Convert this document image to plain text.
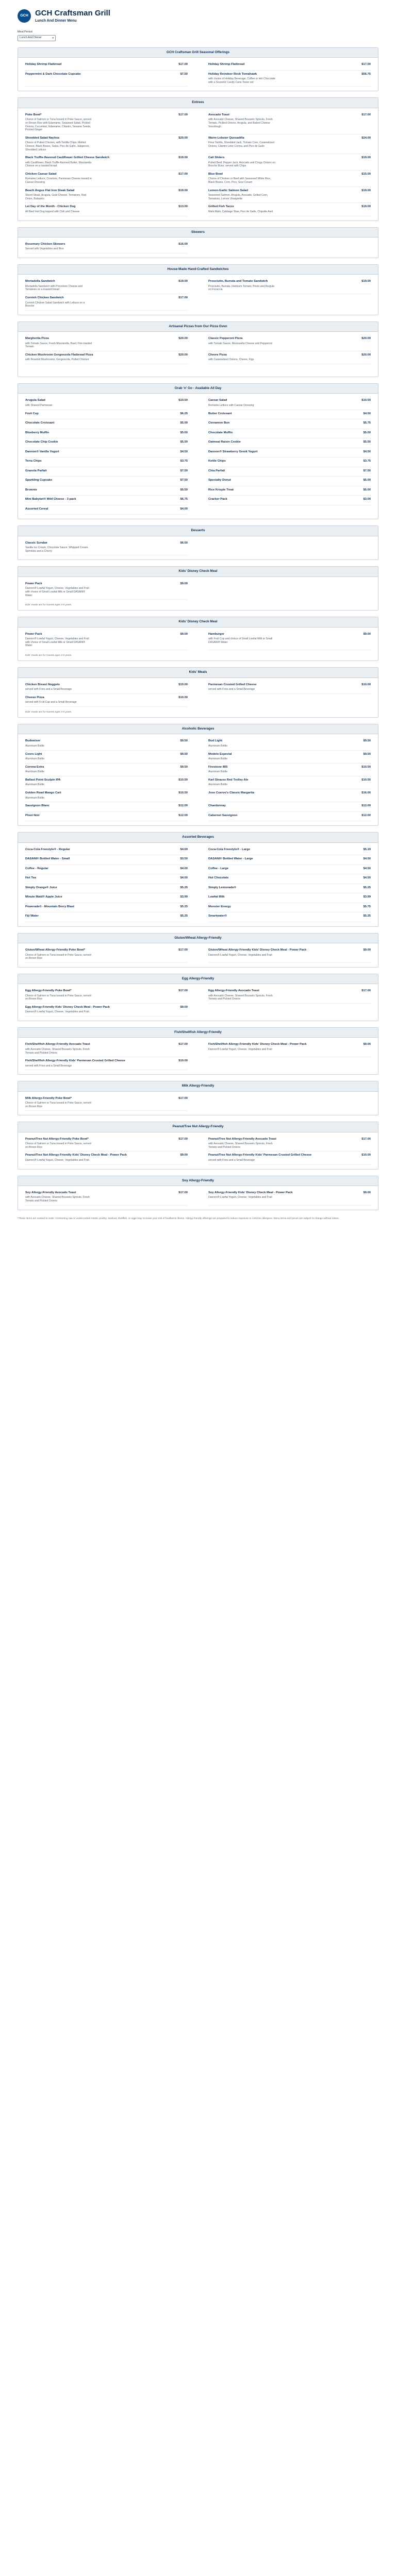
GCH GCH Craftsman Grill
Lunch And Dinner Menu
Meal Period
Lunch And Dinner	▾
GCH Craftsman Grill Seasonal Offerings
Holiday Shrimp Flatbread	$17.00	Holiday Shrimp Flatbread	$17.00
Peppermint & Dark Chocolate Cupcake	$7.50	Holiday Reindeer Rock Tomahawk	$56.75
with choice of Holiday Beverage, Coffee or Hot Chocolate with a Souvenir Candy Cane Tower set
Entrees
Poke Bowl*	$17.00
Choice of Salmon or Tuna tossed in Poke Sauce, served on Brown Rice with Edamame, Seaweed Salad, Pickled Onions, Cucumber, Edamame, Cilantro, Sesame Seeds, Pickled Ginger
Avocado Toast	$17.00
with Avocado Cheese, Shaved Brussels Sprouts, Fresh Tomato, Pickled Onions, Arugula, and Baked Cheese Sourdough
Shredded Salad Nachos	$20.00
Choice of Pulled Chicken, with Tortilla Chips, Melted Cheese, Black Beans, Salsa, Pico de Gallo, Jalapenos, Shredded Lettuce
Warm Lobster Quesadilla	$24.00
Flour Tortilla, Shredded Jack, Tomato Corn, Caramelized Onions, Cilantro Lime Crema, and Pico de Gallo
Black Truffle-flavored Cauliflower Grilled Cheese Sandwich	$19.00
with Cauliflower, Black Truffle-flavored Butter, Mozzarella Cheese on a toasted bread
Cali Sliders	$19.00
Pulled Beef, Pepper Jack, Avocado and Crispy Onions on Brioche Buns, served with Chips
Chicken Caesar Salad	$17.00
Romaine Lettuce, Croutons, Parmesan Cheese tossed in Caesar Dressing
Blue Bowl	$15.00
Choice of Chicken or Beef with Seasoned White Rice, Black Beans, Corn, Pico, Sour Cream
Beach Angus Flat Iron Steak Salad	$19.00
Sliced Steak, Arugula, Goat Cheese, Tomatoes, Red Onion, Balsamic
Lemon-Garlic Salmon Salad	$19.00
Seasoned Salmon, Arugula, Avocado, Grilled Corn, Tomatoes, Lemon Vinaigrette
Lei Day of the Month - Chicken Dog	$13.00
All Beef Hot Dog topped with Chili and Cheese
Grilled Fish Tacos	$19.00
Mahi-Mahi, Cabbage Slaw, Pico de Gallo, Chipotle Aioli
Skewers
Rosemary Chicken Skewers	$16.00
Served with Vegetables and Rice
House-Made Hand-Crafted Sandwiches
Mortadella Sandwich	$19.00
Mortadella Sandwich with Provolone Cheese and Tomatoes on a toasted bread
Prosciutto, Burrata and Tomato Sandwich	$19.00
Prosciutto, Burrata, Heirloom Tomato, Pesto and Arugula on Focaccia
Cornish Chicken Sandwich	$17.00
Cornish Chicken Salad Sandwich with Lettuce on a Brioche
Artisanal Pizzas from Our Pizza Oven
Margherita Pizza	$20.00
with Tomato Sauce, Fresh Mozzarella, Basil, Fire-roasted Tomato
Classic Pepperoni Pizza	$20.00
with Tomato Sauce, Mozzarella Cheese and Pepperoni
Chicken Mushroom Gorgonzola Flatbread Pizza	$20.00
with Roasted Mushrooms, Gorgonzola, Pulled Chicken
Chevre Pizza	$20.00
with Caramelized Onions, Chevre, Figs
Grab 'n' Go - Available All Day
Arugula Salad	$10.50
with Shaved Parmesan
Caesar Salad	$10.50
Romaine Lettuce with Caesar Dressing
Fruit Cup	$6.25	Butter Croissant	$4.50
Chocolate Croissant	$5.00	Cinnamon Bun	$5.75
Blueberry Muffin	$5.00	Chocolate Muffin	$5.00
Chocolate Chip Cookie	$5.50	Oatmeal Raisin Cookie	$5.50
Dannon® Vanilla Yogurt	$4.50	Dannon® Strawberry Greek Yogurt	$4.50
Terra Chips	$3.75	Kettle Chips	$3.75
Granola Parfait	$7.50	Chia Parfait	$7.50
Sparkling Cupcake	$7.50	Specialty Donut	$5.00
Brownie	$5.50	Rice Krispie Treat	$5.00
Mini Babybel® Mild Cheese - 3 pack	$6.75	Cracker Pack	$3.00
Assorted Cereal	$4.00
Desserts
Classic Sundae	$6.00
Vanilla Ice Cream, Chocolate Sauce, Whipped Cream, Sprinkles and a Cherry
Kids' Disney Check Meal
Power Pack	$9.00
Dannon® Lowfat Yogurt, Cheese, Vegetables and Fruit with choice of Small Lowfat Milk or Small DASANI® Water
Kids' meals are for Guests ages 3-9 years.
Kids' Disney Check Meal
Power Pack	$9.00
Dannon® Lowfat Yogurt, Cheese, Vegetables and Fruit with choice of Small Lowfat Milk or Small DASANI® Water
Hamburger	$9.00
with Fruit Cup and choice of Small Lowfat Milk or Small DASANI® Water
Kids' meals are for Guests ages 3-9 years.
Kids' Meals
Chicken Breast Nuggets	$10.00
served with Fries and a Small Beverage
Parmesan Crusted Grilled Cheese	$10.00
served with Fries and a Small Beverage
Cheese Pizza	$10.00
served with Fruit Cup and a Small Beverage
Kids' meals are for Guests ages 3-9 years.
Alcoholic Beverages
Budweiser	$9.50
Aluminum Bottle
Bud Light	$9.50
Aluminum Bottle
Coors Light	$9.50
Aluminum Bottle
Modelo Especial	$9.50
Aluminum Bottle
Corona Extra	$9.50
Aluminum Bottle
Firestone 805	$10.50
Aluminum Bottle
Ballast Point Sculpin IPA	$10.50
Aluminum Bottle
Karl Strauss Red Trolley Ale	$10.50
Aluminum Bottle
Golden Road Mango Cart	$10.50
Aluminum Bottle
Jose Cuervo's Classic Margarita	$16.00
Sauvignon Blanc	$12.00	Chardonnay	$12.00
Pinot Noir	$12.00	Cabernet Sauvignon	$12.00
Assorted Beverages
Coca-Cola Freestyle® - Regular	$4.69	Coca-Cola Freestyle® - Large	$5.19
DASANI® Bottled Water - Small	$3.50	DASANI® Bottled Water - Large	$4.50
Coffee - Regular	$4.00	Coffee - Large	$4.50
Hot Tea	$4.00	Hot Chocolate	$4.50
Simply Orange® Juice	$5.25	Simply Lemonade®	$5.25
Minute Maid® Apple Juice	$3.99	Lowfat Milk	$3.99
Powerade® - Mountain Berry Blast	$5.25	Monster Energy	$5.75
Fiji Water	$5.25	Smartwater®	$5.25
Gluten/Wheat Allergy-Friendly
Gluten/Wheat Allergy-Friendly Poke Bowl*	$17.00
Choice of Salmon or Tuna tossed in Poke Sauce, served on Brown Rice
Gluten/Wheat Allergy-Friendly Kids' Disney Check Meal - Power Pack	$9.00
Dannon® Lowfat Yogurt, Cheese, Vegetables and Fruit
Egg Allergy-Friendly
Egg Allergy-Friendly Poke Bowl*	$17.00
Choice of Salmon or Tuna tossed in Poke Sauce, served on Brown Rice
Egg Allergy-Friendly Avocado Toast	$17.00
with Avocado Cheese, Shaved Brussels Sprouts, Fresh Tomato and Pickled Onions
Egg Allergy-Friendly Kids' Disney Check Meal - Power Pack	$9.00
Dannon® Lowfat Yogurt, Cheese, Vegetables and Fruit
Fish/Shellfish Allergy-Friendly
Fish/Shellfish Allergy-Friendly Avocado Toast	$17.00
with Avocado Cheese, Shaved Brussels Sprouts, Fresh Tomato and Pickled Onions
Fish/Shellfish Allergy-Friendly Kids' Disney Check Meal - Power Pack	$9.00
Dannon® Lowfat Yogurt, Cheese, Vegetables and Fruit
Fish/Shellfish Allergy-Friendly Kids' Parmesan Crusted Grilled Cheese	$10.00
served with Fries and a Small Beverage
Milk Allergy-Friendly
Milk Allergy-Friendly Poke Bowl*	$17.00
Choice of Salmon or Tuna tossed in Poke Sauce, served on Brown Rice
Peanut/Tree Nut Allergy-Friendly
Peanut/Tree Nut Allergy-Friendly Poke Bowl*	$17.00
Choice of Salmon or Tuna tossed in Poke Sauce, served on Brown Rice
Peanut/Tree Nut Allergy-Friendly Avocado Toast	$17.00
with Avocado Cheese, Shaved Brussels Sprouts, Fresh Tomato and Pickled Onions
Peanut/Tree Nut Allergy-Friendly Kids' Disney Check Meal - Power Pack	$9.00
Dannon® Lowfat Yogurt, Cheese, Vegetables and Fruit
Peanut/Tree Nut Allergy-Friendly Kids' Parmesan Crusted Grilled Cheese	$10.00
served with Fries and a Small Beverage
Soy Allergy-Friendly
Soy Allergy-Friendly Avocado Toast	$17.00
with Avocado Cheese, Shaved Brussels Sprouts, Fresh Tomato and Pickled Onions
Soy Allergy-Friendly Kids' Disney Check Meal - Power Pack	$9.00
Dannon® Lowfat Yogurt, Cheese, Vegetables and Fruit
*These items are cooked to order. Consuming raw or undercooked meats, poultry, seafood, shellfish, or eggs may increase your risk of foodborne illness. Allergy-friendly offerings are prepared to reduce exposure to common allergens. Menu items and prices are subject to change without notice.
